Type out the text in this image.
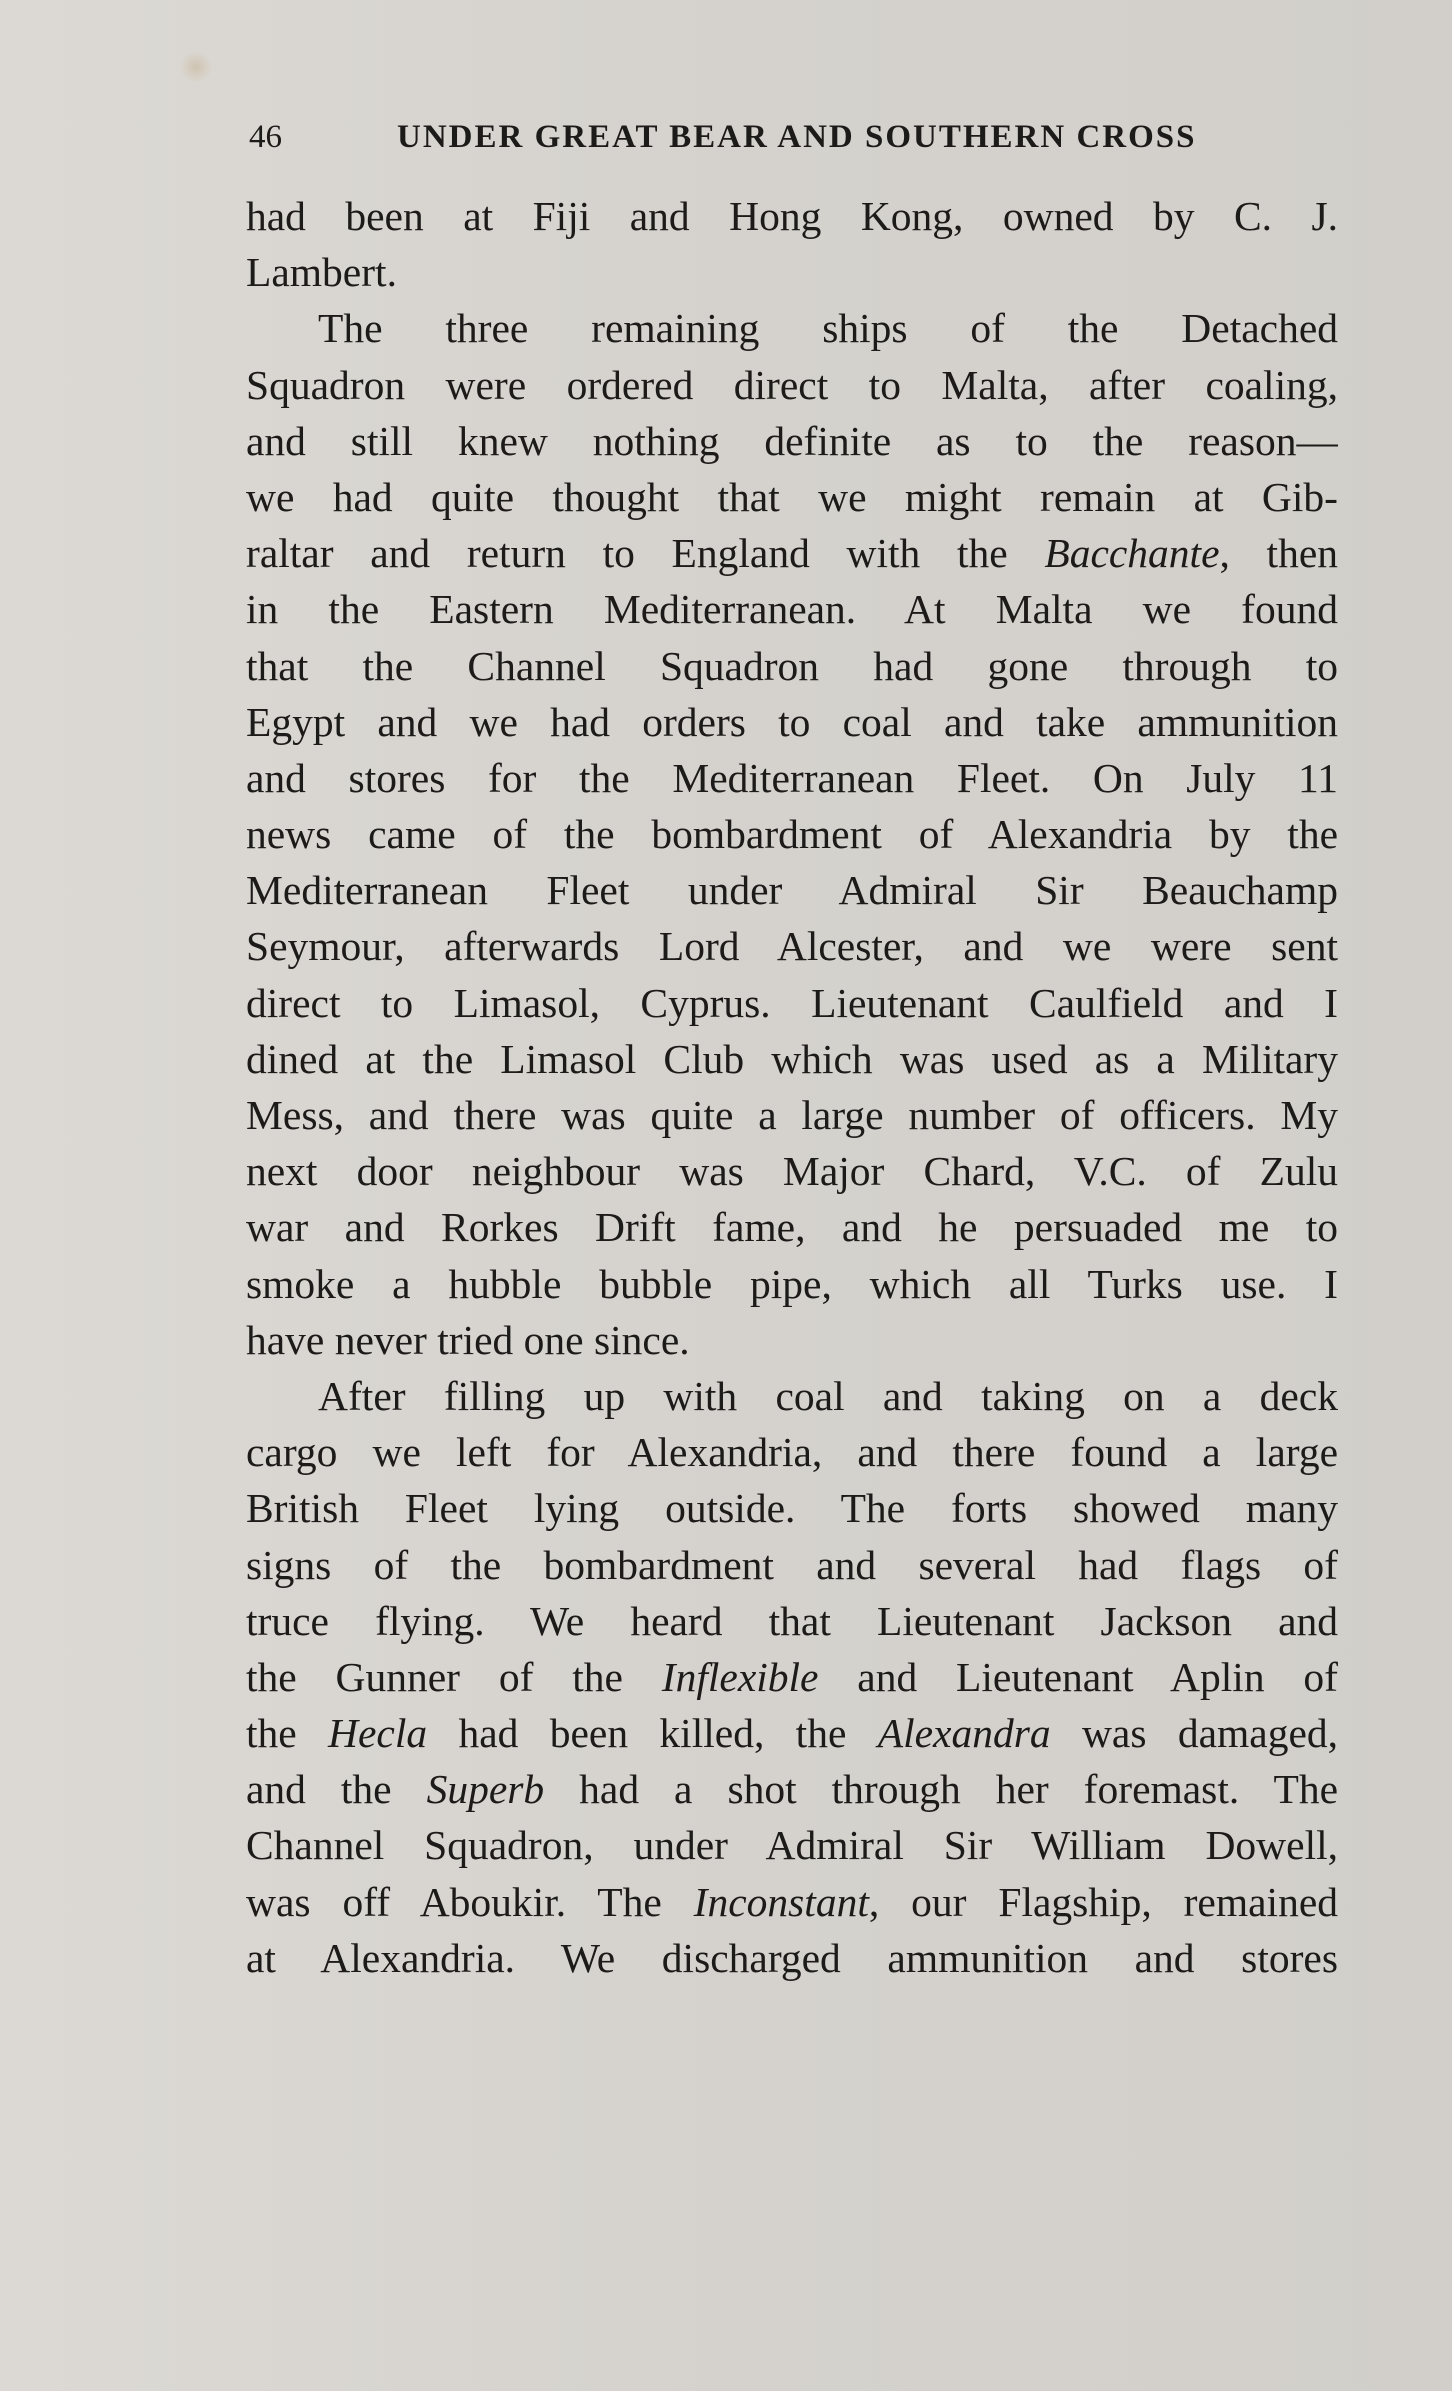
46	UNDER GREAT BEAR AND SOUTHERN CROSS
had been at Fiji and Hong Kong, owned by C. J.
Lambert.
The three remaining ships of the Detached
Squadron were ordered direct to Malta, after coaling,
and still knew nothing definite as to the reason—
we had quite thought that we might remain at Gib-
raltar and return to England with the Bacchante, then
in the Eastern Mediterranean. At Malta we found
that the Channel Squadron had gone through to
Egypt and we had orders to coal and take ammunition
and stores for the Mediterranean Fleet. On July 11
news came of the bombardment of Alexandria by the
Mediterranean Fleet under Admiral Sir Beauchamp
Seymour, afterwards Lord Alcester, and we were sent
direct to Limasol, Cyprus. Lieutenant Caulfield and I
dined at the Limasol Club which was used as a Military
Mess, and there was quite a large number of officers. My
next door neighbour was Major Chard, V.C. of Zulu
war and Rorkes Drift fame, and he persuaded me to
smoke a hubble bubble pipe, which all Turks use. I
have never tried one since.
After filling up with coal and taking on a deck
cargo we left for Alexandria, and there found a large
British Fleet lying outside. The forts showed many
signs of the bombardment and several had flags of
truce flying. We heard that Lieutenant Jackson and
the Gunner of the Inflexible and Lieutenant Aplin of
the Hecla had been killed, the Alexandra was damaged,
and the Superb had a shot through her foremast. The
Channel Squadron, under Admiral Sir William Dowell,
was off Aboukir. The Inconstant, our Flagship, remained
at Alexandria. We discharged ammunition and stores
